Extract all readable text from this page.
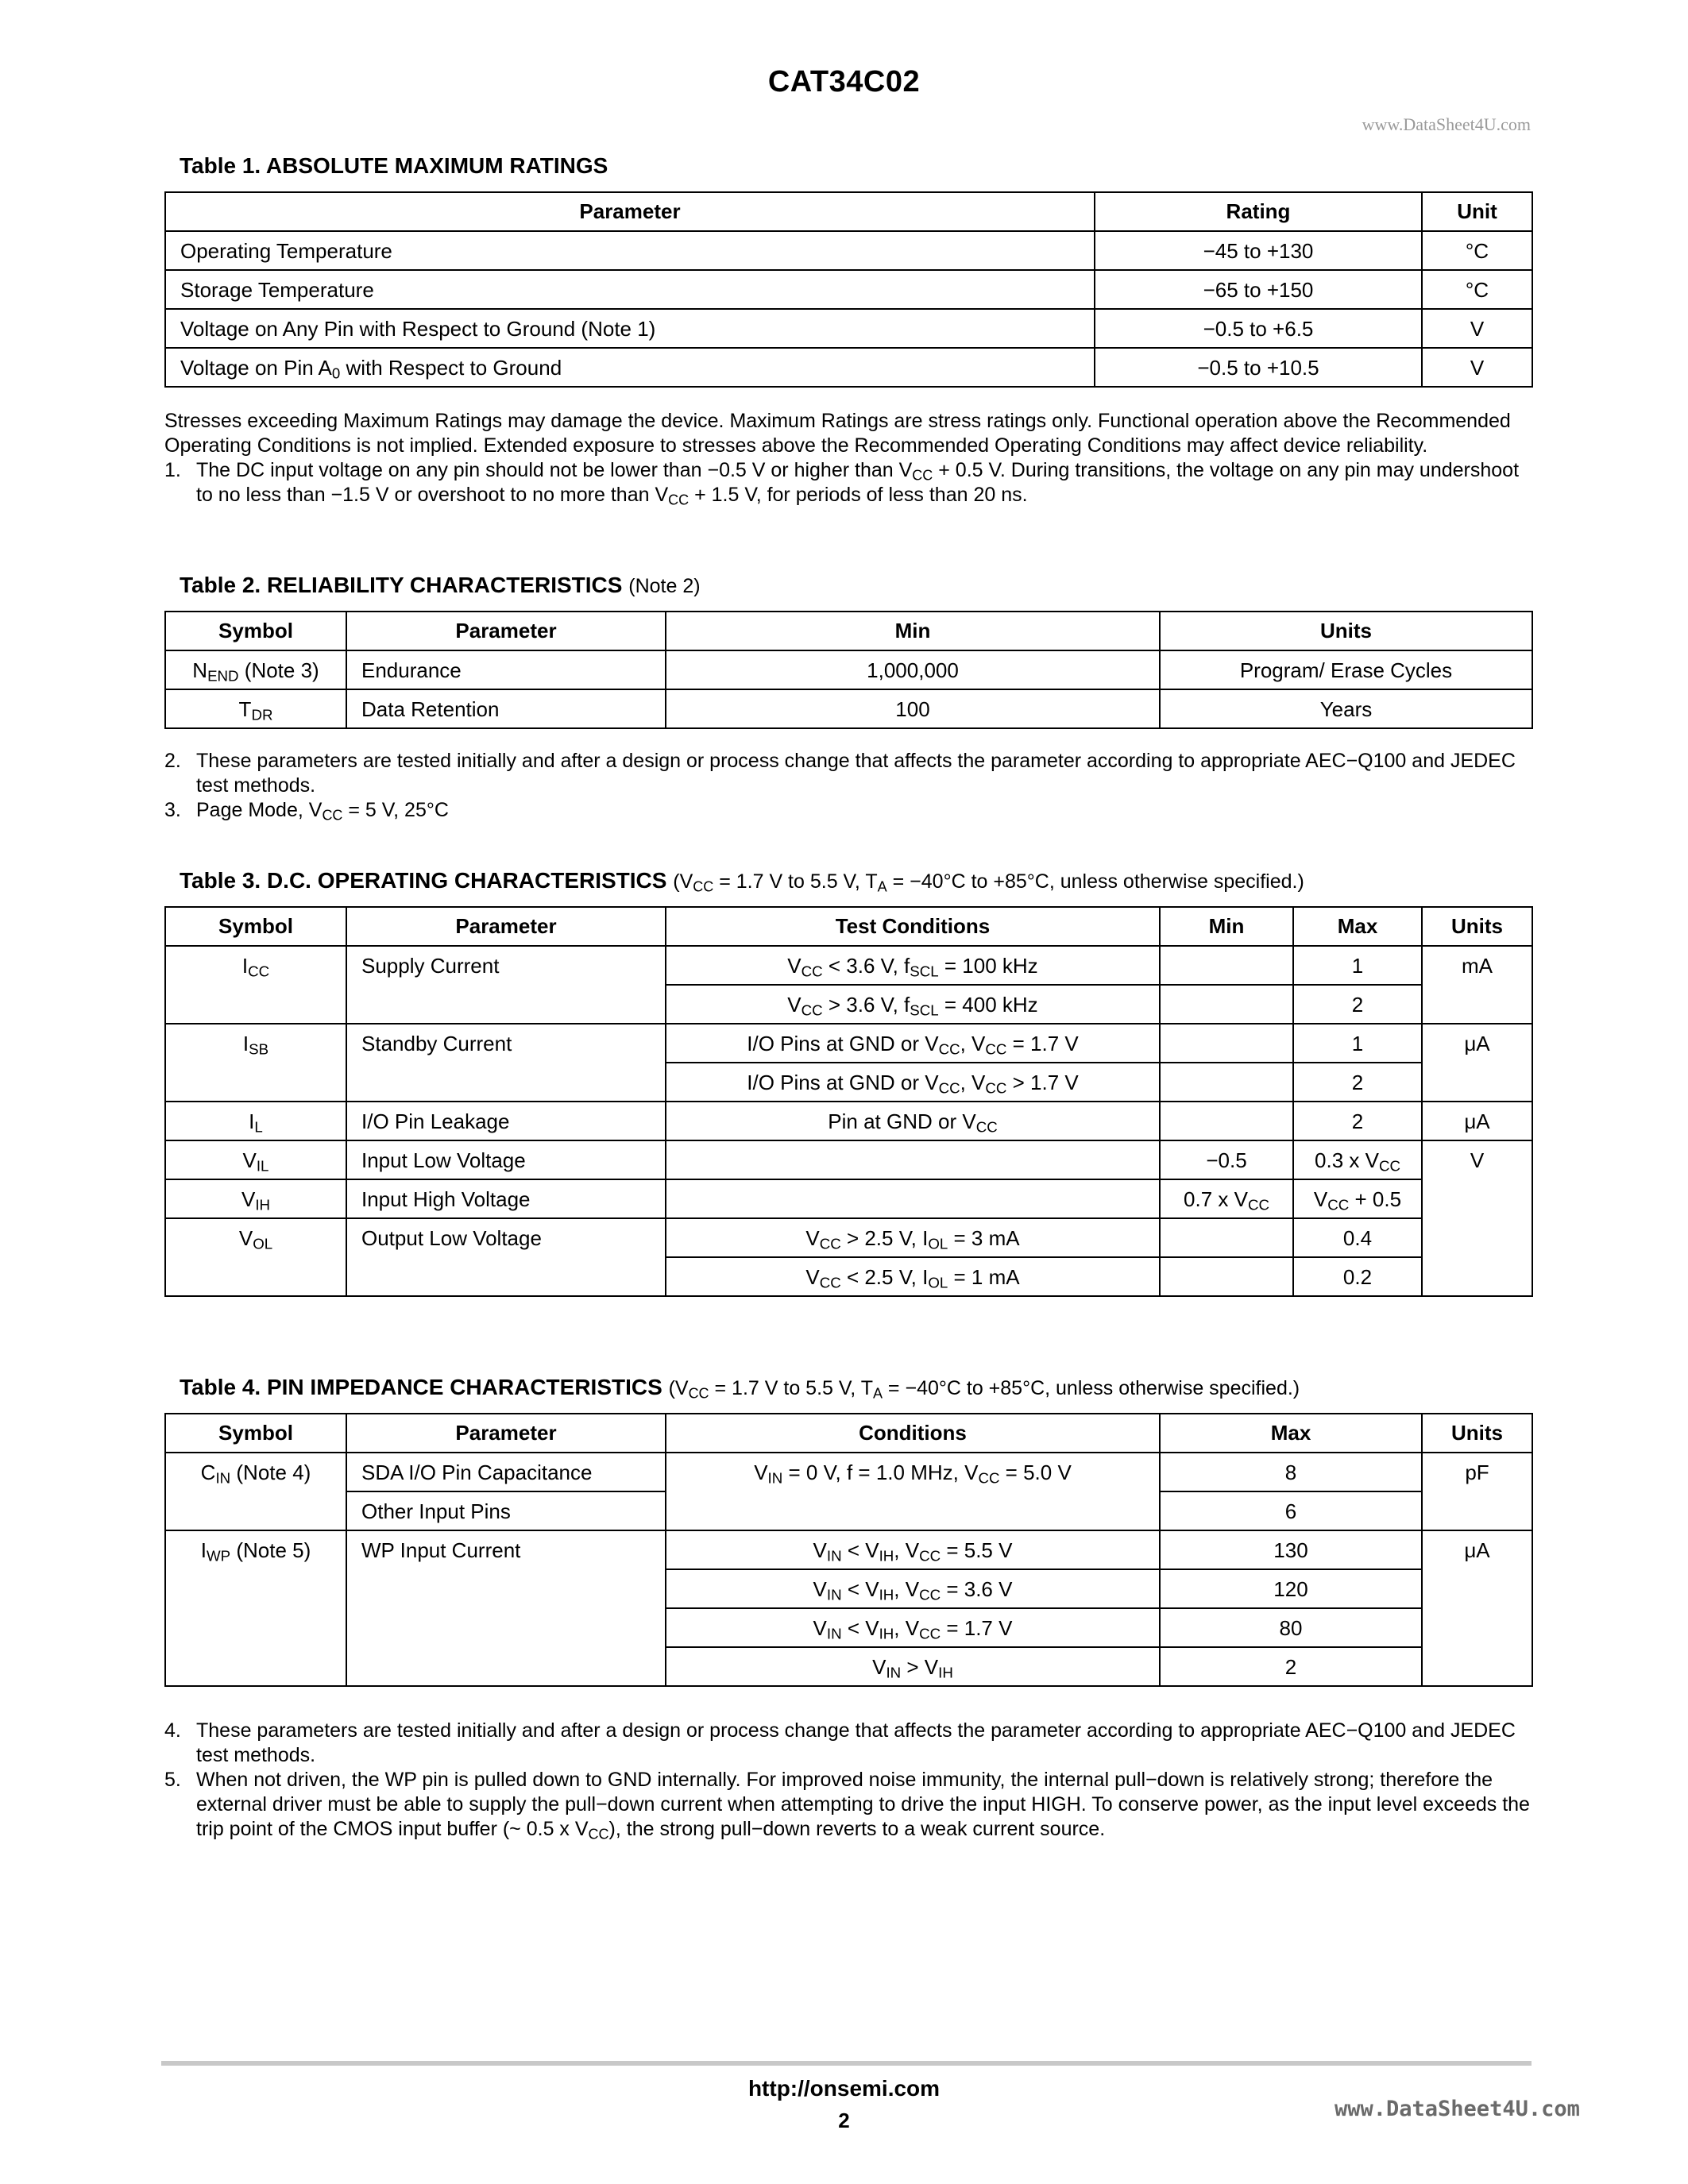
CAT34C02
www.DataSheet4U.com
Table 1. ABSOLUTE MAXIMUM RATINGS
Parameter	Rating	Unit
Operating Temperature	−45 to +130	°C
Storage Temperature	−65 to +150	°C
Voltage on Any Pin with Respect to Ground (Note 1)	−0.5 to +6.5	V
Voltage on Pin $A_0$ with Respect to Ground	−0.5 to +10.5	V

Stresses exceeding Maximum Ratings may damage the device. Maximum Ratings are stress ratings only. Functional operation above the Recommended Operating Conditions is not implied. Extended exposure to stresses above the Recommended Operating Conditions may affect device reliability.

1. The DC input voltage on any pin should not be lower than −0.5 V or higher than $V_{CC} + 0.5$ V. During transitions, the voltage on any pin may undershoot to no less than −1.5 V or overshoot to no more than $V_{CC} + 1.5$ V, for periods of less than 20 ns.
Table 2. RELIABILITY CHARACTERISTICS (Note 2)
Symbol	Parameter	Min	Units
$N_{END}$ (Note 3)	Endurance	1,000,000	Program/ Erase Cycles
$T_{DR}$	Data Retention	100	Years
2. These parameters are tested initially and after a design or process change that affects the parameter according to appropriate AEC−Q100 and JEDEC test methods.
3. Page Mode, $V_{CC} = 5$ V, 25°C
Table 3. D.C. OPERATING CHARACTERISTICS ($V_{CC} = 1.7$ V to 5.5 V, $T_A = -40^\circ C$ to +85°C, unless otherwise specified.)
Symbol	Parameter	Test Conditions	Min	Max	Units
$I_{CC}$	Supply Current	$V_{CC} < 3.6$ V, $f_{SCL} = 100$ kHz		1	mA
		$V_{CC} > 3.6$ V, $f_{SCL} = 400$ kHz		2	
$I_{SB}$	Standby Current	I/O Pins at GND or $V_{CC}$, $V_{CC} = 1.7$ V		1	μA
		I/O Pins at GND or $V_{CC}$, $V_{CC} > 1.7$ V		2	
$I_L$	I/O Pin Leakage	Pin at GND or $V_{CC}$		2	μA
$V_{IL}$	Input Low Voltage		−0.5	0.3 x $V_{CC}$	V
$V_{IH}$	Input High Voltage		0.7 x $V_{CC}$	$V_{CC} + 0.5$	
$V_{OL}$	Output Low Voltage	$V_{CC} > 2.5$ V, $I_{OL} = 3$ mA		0.4	
		$V_{CC} < 2.5$ V, $I_{OL} = 1$ mA		0.2	
Table 4. PIN IMPEDANCE CHARACTERISTICS ($V_{CC} = 1.7$ V to 5.5 V, $T_A = -40^\circ C$ to +85°C, unless otherwise specified.)
Symbol	Parameter	Conditions	Max	Units
$C_{IN}$ (Note 4)	SDA I/O Pin Capacitance	$V_{IN} = 0$ V, f = 1.0 MHz, $V_{CC} = 5.0$ V	8	pF
	Other Input Pins		6	
$I_{WP}$ (Note 5)	WP Input Current	$V_{IN} < V_{IH}$, $V_{CC} = 5.5$ V	130	μA
		$V_{IN} < V_{IH}$, $V_{CC} = 3.6$ V	120	
		$V_{IN} < V_{IH}$, $V_{CC} = 1.7$ V	80	
		$V_{IN} > V_{IH}$	2	
4. These parameters are tested initially and after a design or process change that affects the parameter according to appropriate AEC−Q100 and JEDEC test methods.
5. When not driven, the WP pin is pulled down to GND internally. For improved noise immunity, the internal pull−down is relatively strong; therefore the external driver must be able to supply the pull−down current when attempting to drive the input HIGH. To conserve power, as the input level exceeds the trip point of the CMOS input buffer (~ 0.5 x $V_{CC}$), the strong pull−down reverts to a weak current source.
http://onsemi.com
2	www.DataSheet4U.com
